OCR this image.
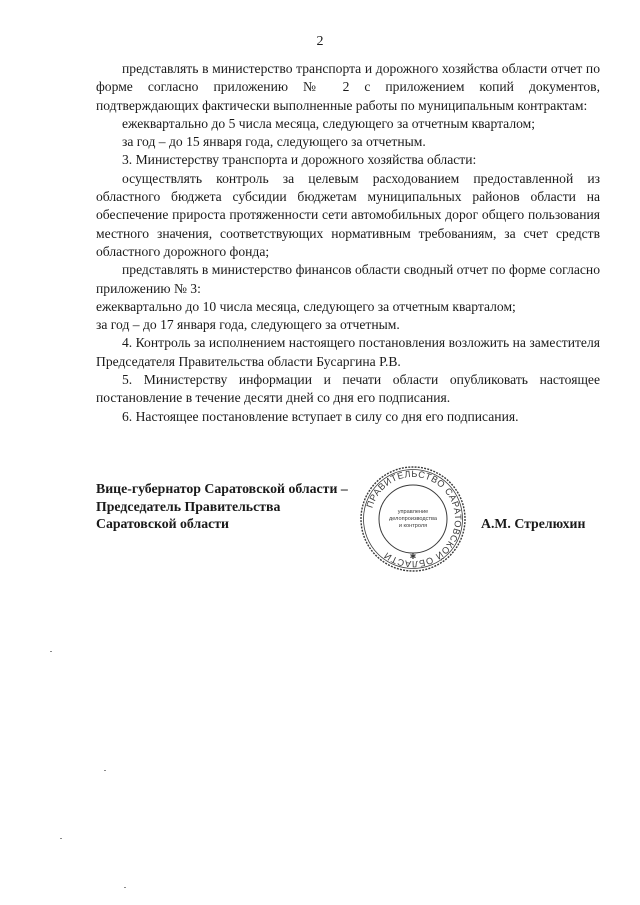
2

представлять в министерство транспорта и дорожного хозяйства области отчет по форме согласно приложению № 2 с приложением копий документов, подтверждающих фактически выполненные работы по муниципальным контрактам:

ежеквартально до 5 числа месяца, следующего за отчетным кварталом;

за год – до 15 января года, следующего за отчетным.

3. Министерству транспорта и дорожного хозяйства области:

осуществлять контроль за целевым расходованием предоставленной из областного бюджета субсидии бюджетам муниципальных районов области на обеспечение прироста протяженности сети автомобильных дорог общего пользования местного значения, соответствующих нормативным требованиям, за счет средств областного дорожного фонда;

представлять в министерство финансов области сводный отчет по форме согласно приложению № 3:

ежеквартально до 10 числа месяца, следующего за отчетным кварталом;

за год – до 17 января года, следующего за отчетным.

4. Контроль за исполнением настоящего постановления возложить на заместителя Председателя Правительства области Бусаргина Р.В.

5. Министерству информации и печати области опубликовать настоящее постановление в течение десяти дней со дня его подписания.

6. Настоящее постановление вступает в силу со дня его подписания.

Вице-губернатор Саратовской области –
Председатель Правительства
Саратовской области
ПРАВИТЕЛЬСТВО САРАТОВСКОЙ ОБЛАСТИ
управление
делопроизводства
и контроля
✱
А.М. Стрелюхин
